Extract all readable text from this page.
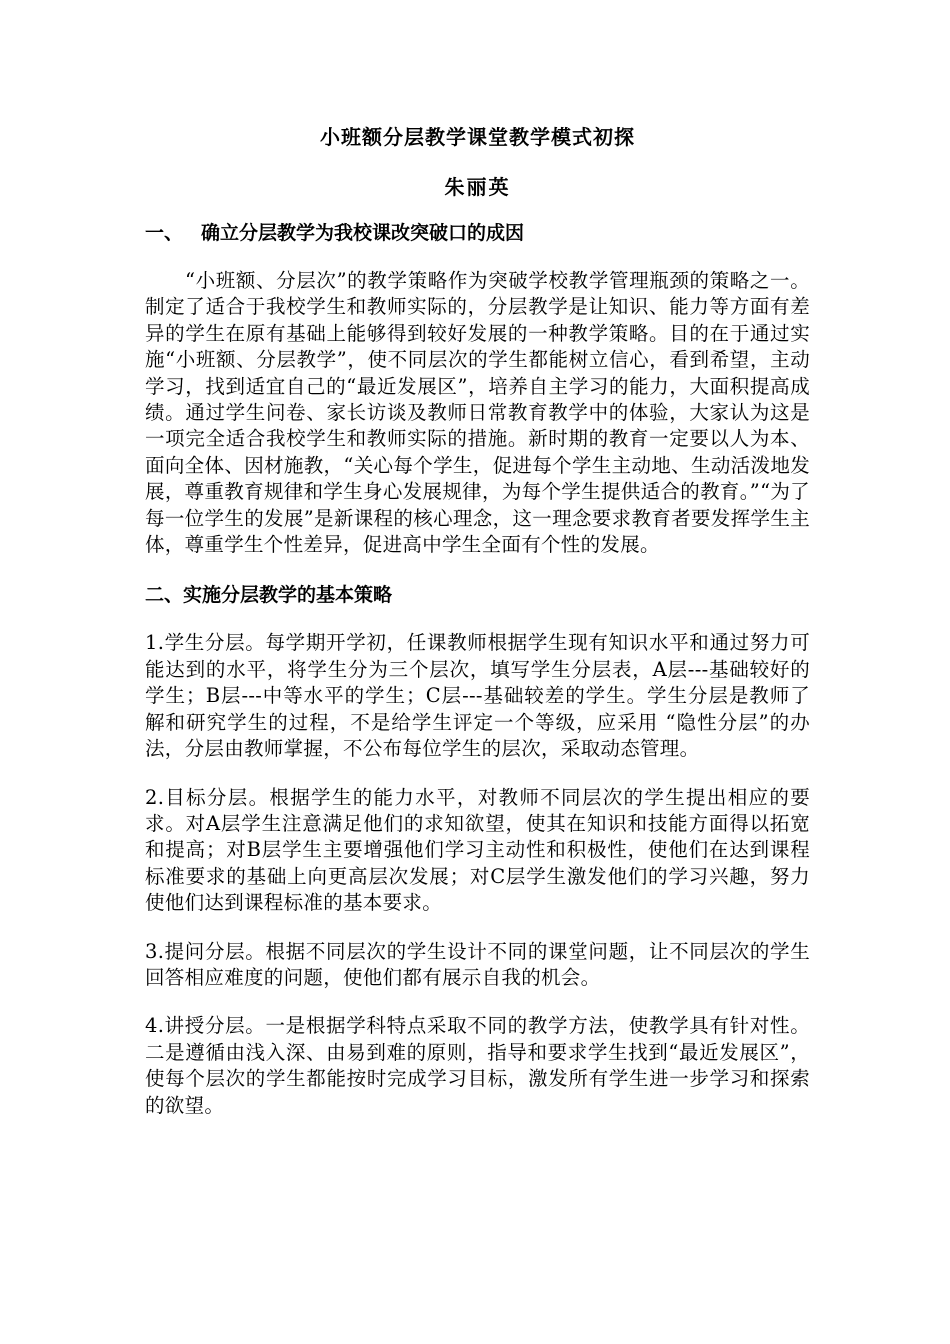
小班额分层教学课堂教学模式初探
朱丽英
一、 确立分层教学为我校课改突破口的成因
“小班额、分层次”的教学策略作为突破学校教学管理瓶颈的策略之一。制定了适合于我校学生和教师实际的，分层教学是让知识、能力等方面有差异的学生在原有基础上能够得到较好发展的一种教学策略。目的在于通过实施“小班额、分层教学”，使不同层次的学生都能树立信心，看到希望，主动学习，找到适宜自己的“最近发展区”，培养自主学习的能力，大面积提高成绩。通过学生问卷、家长访谈及教师日常教育教学中的体验，大家认为这是一项完全适合我校学生和教师实际的措施。新时期的教育一定要以人为本、面向全体、因材施教，“关心每个学生，促进每个学生主动地、生动活泼地发展，尊重教育规律和学生身心发展规律，为每个学生提供适合的教育。”“为了每一位学生的发展”是新课程的核心理念，这一理念要求教育者要发挥学生主体，尊重学生个性差异，促进高中学生全面有个性的发展。
二、实施分层教学的基本策略
1.学生分层。每学期开学初，任课教师根据学生现有知识水平和通过努力可能达到的水平，将学生分为三个层次，填写学生分层表，A层---基础较好的学生；B层---中等水平的学生；C层---基础较差的学生。学生分层是教师了解和研究学生的过程，不是给学生评定一个等级，应采用 “隐性分层”的办法，分层由教师掌握，不公布每位学生的层次，采取动态管理。
2.目标分层。根据学生的能力水平，对教师不同层次的学生提出相应的要求。对A层学生注意满足他们的求知欲望，使其在知识和技能方面得以拓宽和提高；对B层学生主要增强他们学习主动性和积极性，使他们在达到课程标准要求的基础上向更高层次发展；对C层学生激发他们的学习兴趣，努力使他们达到课程标准的基本要求。
3.提问分层。根据不同层次的学生设计不同的课堂问题，让不同层次的学生回答相应难度的问题，使他们都有展示自我的机会。
4.讲授分层。一是根据学科特点采取不同的教学方法，使教学具有针对性。二是遵循由浅入深、由易到难的原则，指导和要求学生找到“最近发展区”，使每个层次的学生都能按时完成学习目标，激发所有学生进一步学习和探索的欲望。
